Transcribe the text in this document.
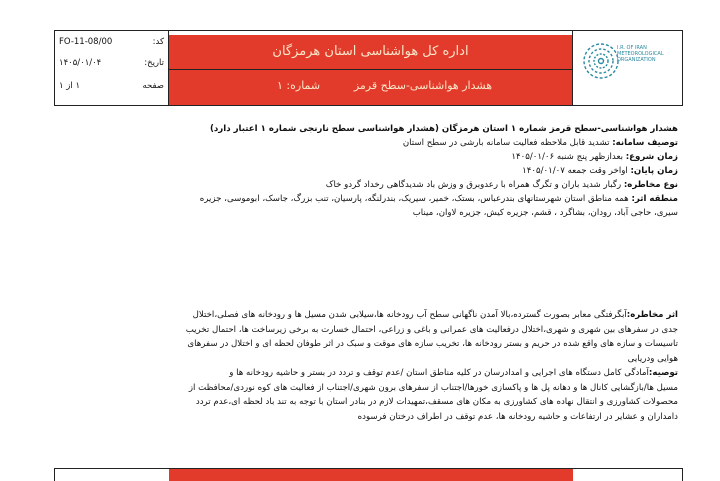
کد:
FO-11-08/00
تاریخ:
۱۴۰۵/۰۱/۰۴
صفحه
۱ از ۱
اداره کل هواشناسی استان هرمزگان
هشدار هواشناسی-سطح قرمز
شماره: ۱
I.R. OF IRAN METEOROLOGICAL ORGANIZATION
هشدار هواشناسی-سطح قرمز شماره ۱ استان هرمزگان (هشدار هواشناسی سطح نارنجی شماره ۱ اعتبار دارد)
توصیف سامانه: تشدید قابل ملاحظه فعالیت سامانه بارشی در سطح استان
زمان شروع: بعدازظهر پنج شنبه ۱۴۰۵/۰۱/۰۶
زمان پایان: اواخر وقت جمعه ۱۴۰۵/۰۱/۰۷
نوع مخاطره: رگبار شدید باران و تگرگ همراه با رعدوبرق و وزش باد شدیدگاهی رخداد گردو خاک
منطقه اثر: همه مناطق استان شهرستانهای بندرعباس، بستک، خمیر، سیریک، بندرلنگه، پارسیان، تنب بزرگ، جاسک، ابوموسی، جزیره
سیری، حاجی آباد، رودان، بشاگرد ، قشم، جزیره کیش، جزیره لاوان، میناب
اثر مخاطره:آبگرفتگی معابر بصورت گسترده،بالا آمدن ناگهانی سطح آب رودخانه ها،سیلابی شدن مسیل ها و رودخانه های فصلی،اختلال
جدی در سفرهای بین شهری و شهری،اختلال درفعالیت های عمرانی و باغی و زراعی، احتمال خسارت به برخی زیرساخت ها، احتمال تخریب
تاسیسات و سازه های واقع شده در حریم و بستر رودخانه ها، تخریب سازه های موقت و سبک در اثر طوفان لحظه ای و اختلال در سفرهای
هوایی ودریایی
توصیه:آمادگی کامل دستگاه های اجرایی و امدادرسان در کلیه مناطق استان /عدم توقف و تردد در بستر و حاشیه رودخانه ها و
مسیل ها/بازگشایی کانال ها و دهانه پل ها و پاکسازی خورها/اجتناب از سفرهای برون شهری/اجتناب از فعالیت های کوه نوردی/محافظت از
محصولات کشاورزی و انتقال نهاده های کشاورزی به مکان های مسقف،تمهیدات لازم در بنادر استان با توجه به تند باد لحظه ای،عدم تردد
دامداران و عشایر در ارتفاعات و حاشیه رودخانه ها، عدم توقف در اطراف درختان فرسوده
